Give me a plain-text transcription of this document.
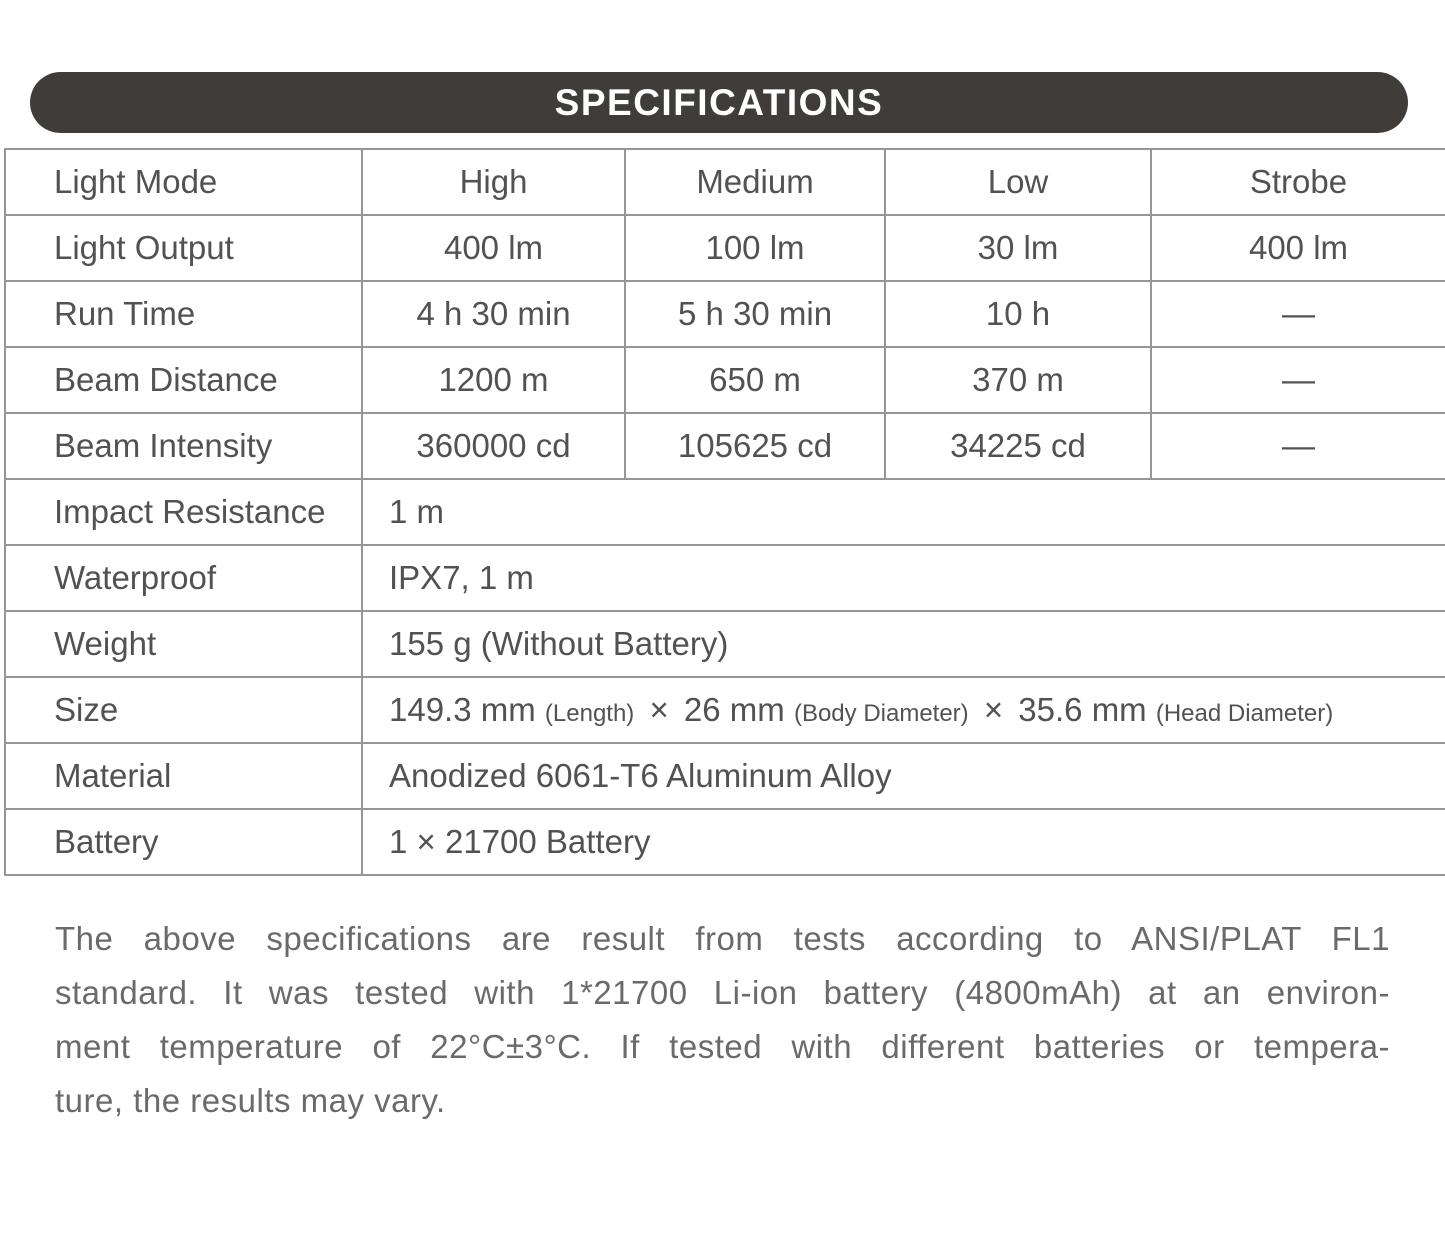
SPECIFICATIONS
Light Mode	High	Medium	Low	Strobe
Light Output	400 lm	100 lm	30 lm	400 lm
Run Time	4 h 30 min	5 h 30 min	10 h	—
Beam Distance	1200 m	650 m	370 m	—
Beam Intensity	360000 cd	105625 cd	34225 cd	—
Impact Resistance	1 m			
Waterproof	IPX7, 1 m			
Weight	155 g (Without Battery)			
Size	149.3 mm (Length) × 26 mm (Body Diameter) × 35.6 mm (Head Diameter)			
Material	Anodized 6061-T6 Aluminum Alloy			
Battery	1 × 21700 Battery			
The above specifications are result from tests according to ANSI/PLAT FL1
standard. It was tested with 1*21700 Li-ion battery (4800mAh) at an environ-
ment temperature of 22°C±3°C. If tested with different batteries or tempera-
ture, the results may vary.
